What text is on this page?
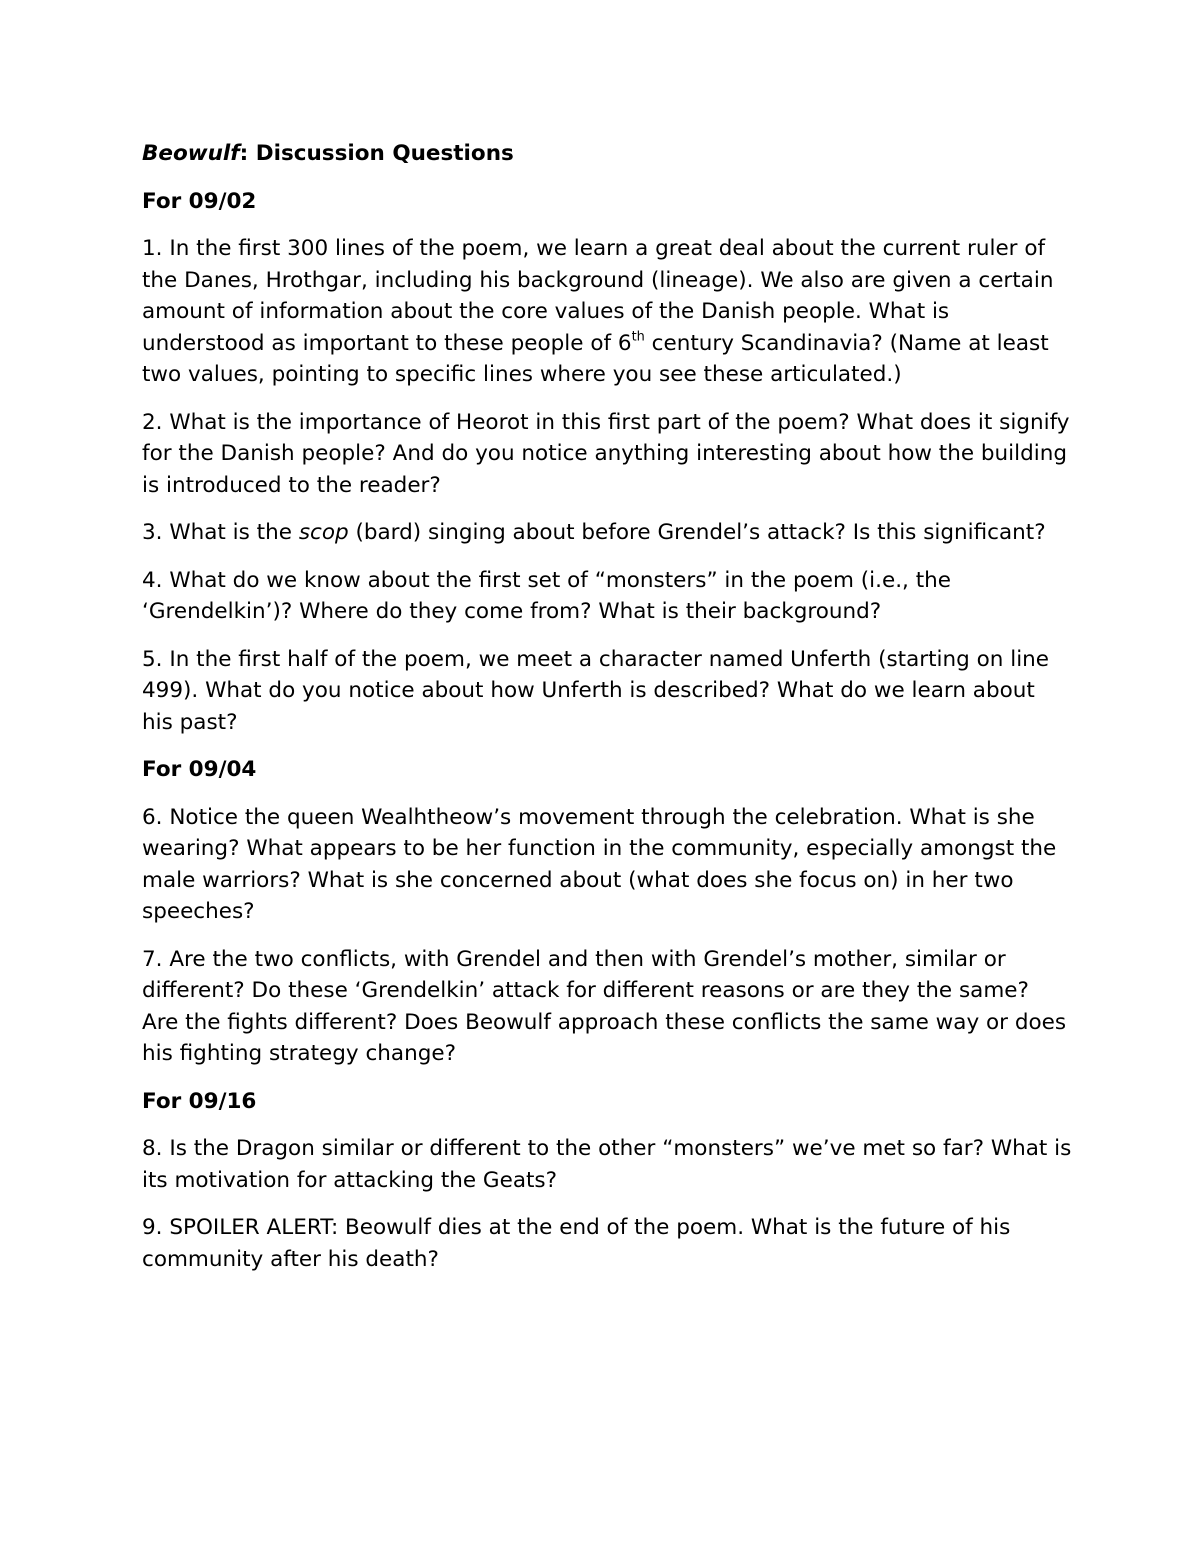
Beowulf: Discussion Questions

For 09/02

1. In the first 300 lines of the poem, we learn a great deal about the current ruler of the Danes, Hrothgar, including his background (lineage). We also are given a certain amount of information about the core values of the Danish people. What is understood as important to these people of 6th century Scandinavia? (Name at least two values, pointing to specific lines where you see these articulated.)

2. What is the importance of Heorot in this first part of the poem? What does it signify for the Danish people? And do you notice anything interesting about how the building is introduced to the reader?

3. What is the scop (bard) singing about before Grendel’s attack? Is this significant?

4. What do we know about the first set of “monsters” in the poem (i.e., the ‘Grendelkin’)? Where do they come from? What is their background?

5. In the first half of the poem, we meet a character named Unferth (starting on line 499). What do you notice about how Unferth is described? What do we learn about his past?

For 09/04

6. Notice the queen Wealhtheow’s movement through the celebration. What is she wearing? What appears to be her function in the community, especially amongst the male warriors? What is she concerned about (what does she focus on) in her two speeches?

7. Are the two conflicts, with Grendel and then with Grendel’s mother, similar or different? Do these ‘Grendelkin’ attack for different reasons or are they the same? Are the fights different? Does Beowulf approach these conflicts the same way or does his fighting strategy change?

For 09/16

8. Is the Dragon similar or different to the other “monsters” we’ve met so far? What is its motivation for attacking the Geats?

9. SPOILER ALERT: Beowulf dies at the end of the poem. What is the future of his community after his death?
